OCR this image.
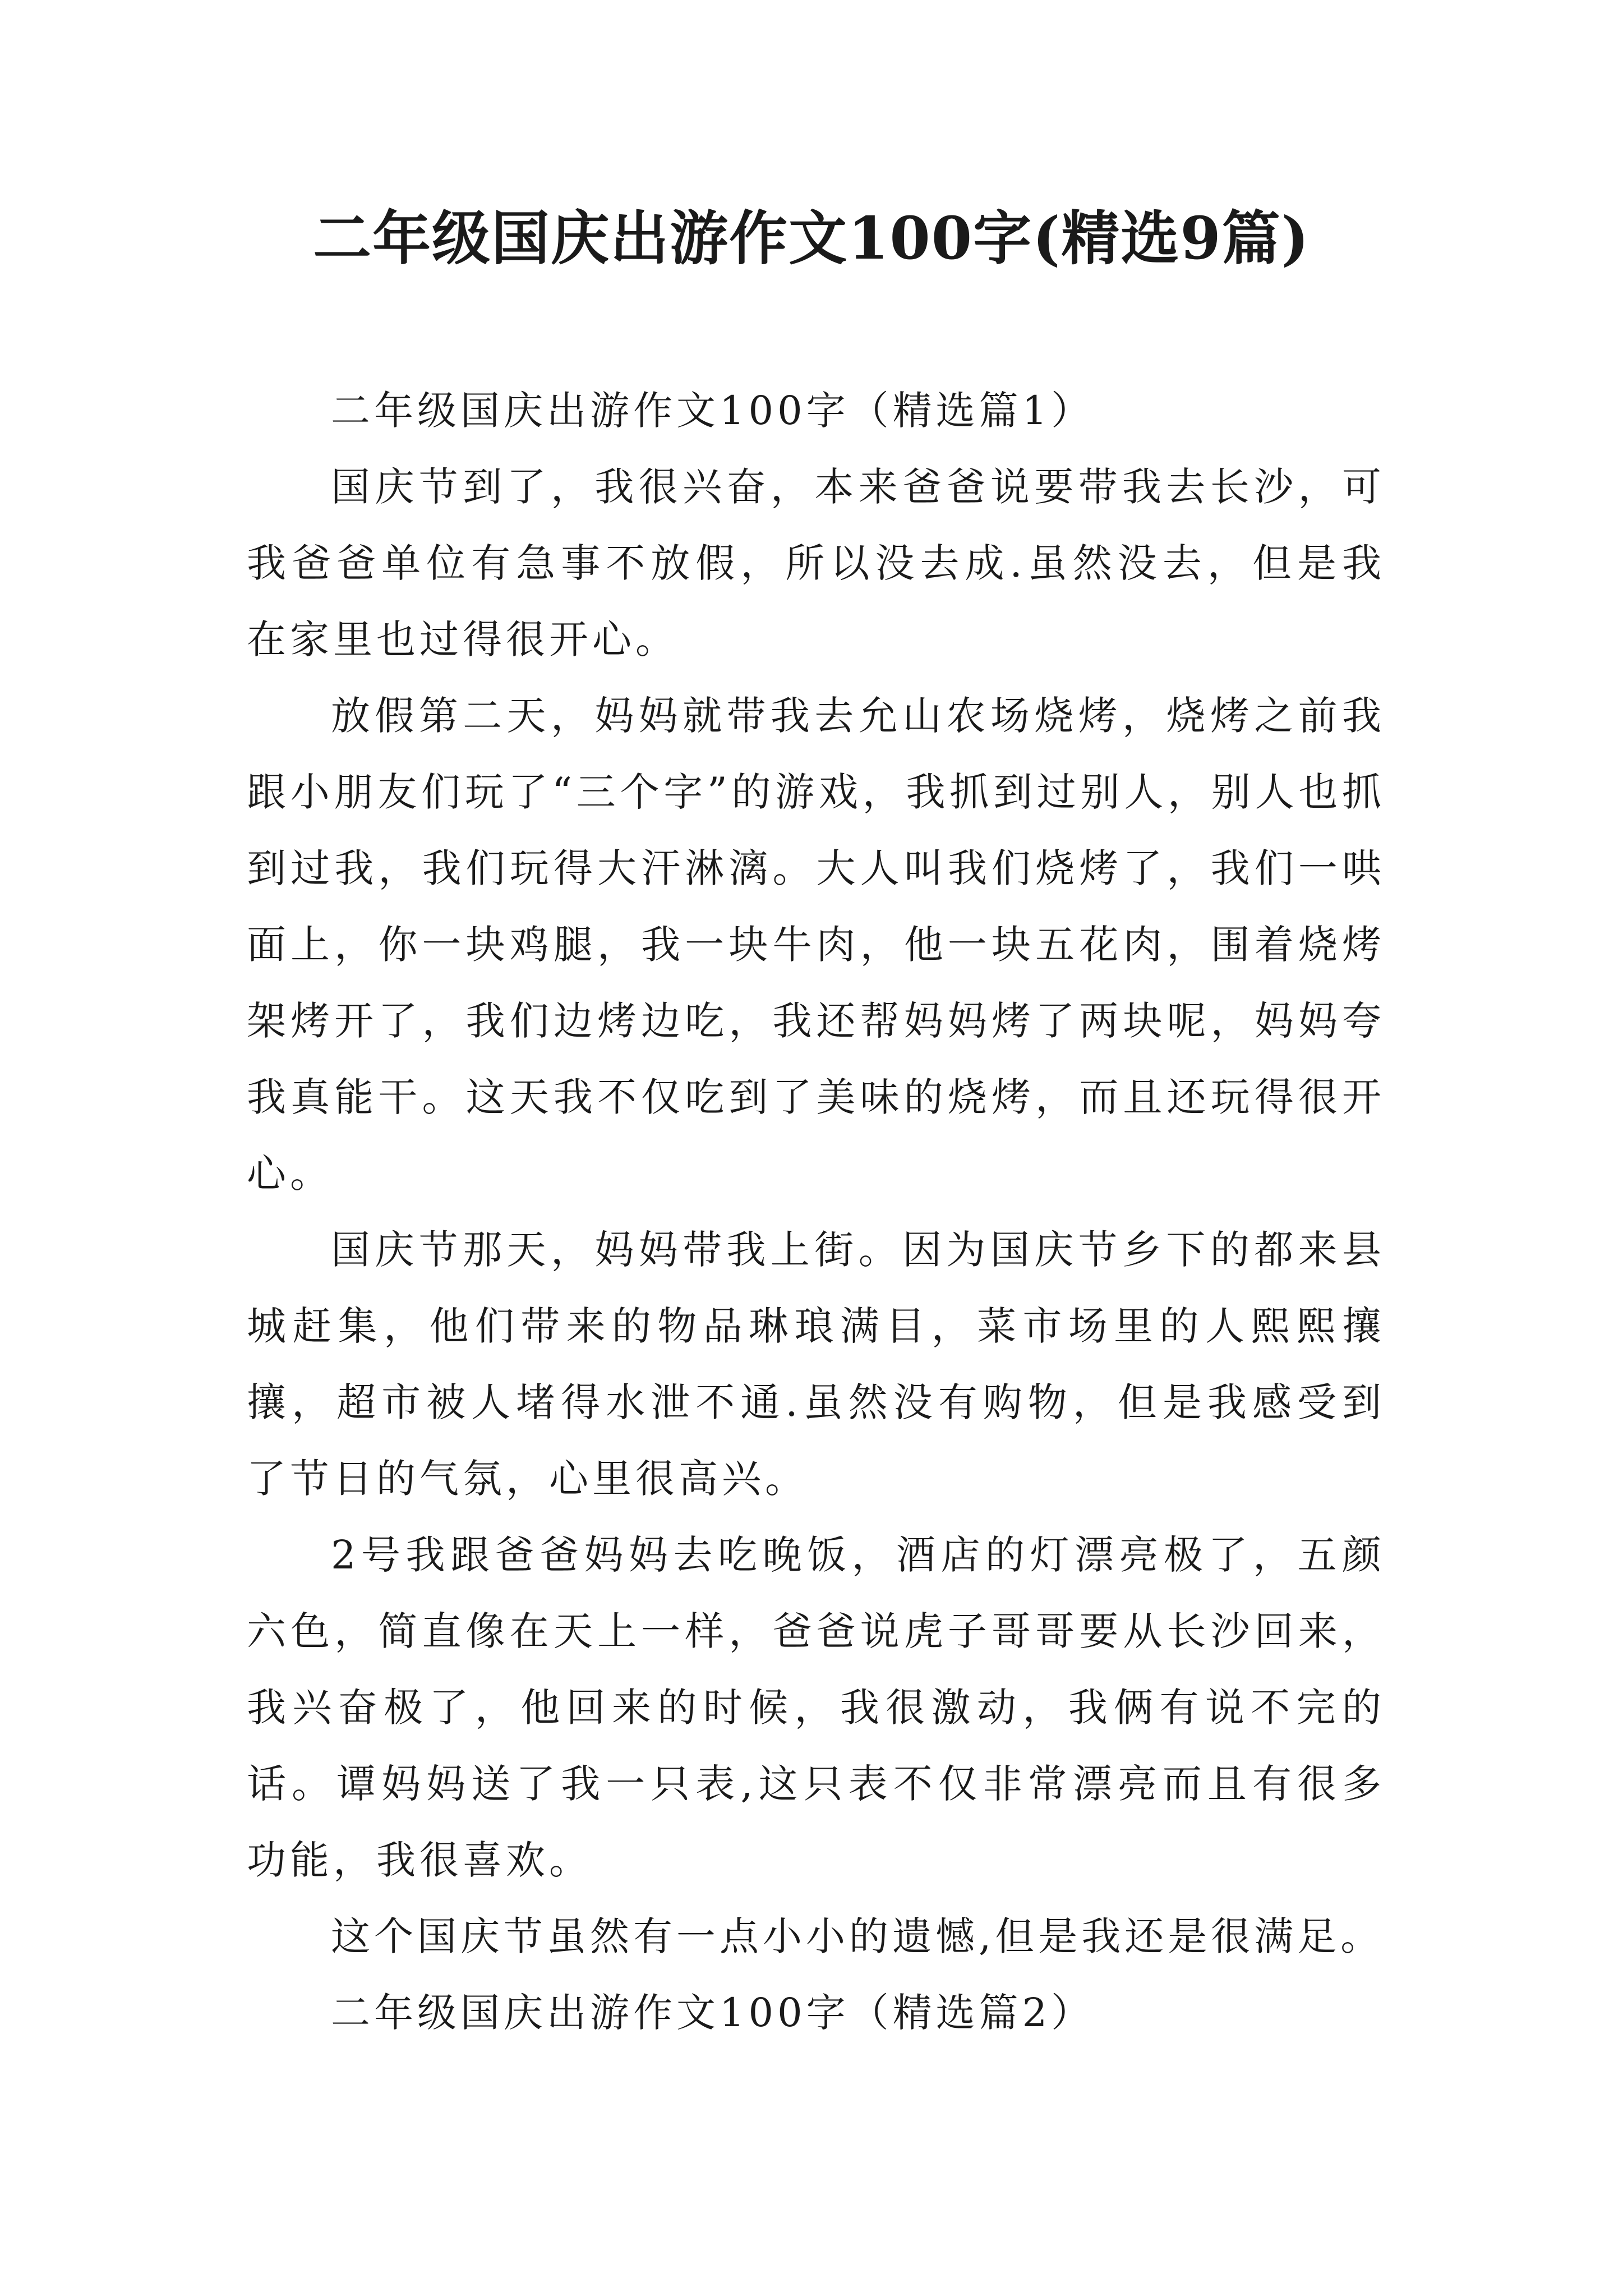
二年级国庆出游作文100字(精选9篇)

二年级国庆出游作文100字（精选篇1）

国庆节到了，我很兴奋，本来爸爸说要带我去长沙，可我爸爸单位有急事不放假，所以没去成.虽然没去，但是我在家里也过得很开心。

放假第二天，妈妈就带我去允山农场烧烤，烧烤之前我跟小朋友们玩了“三个字”的游戏，我抓到过别人，别人也抓到过我，我们玩得大汗淋漓。大人叫我们烧烤了，我们一哄面上，你一块鸡腿，我一块牛肉，他一块五花肉，围着烧烤架烤开了，我们边烤边吃，我还帮妈妈烤了两块呢，妈妈夸我真能干。这天我不仅吃到了美味的烧烤，而且还玩得很开心。

国庆节那天，妈妈带我上街。因为国庆节乡下的都来县城赶集，他们带来的物品琳琅满目，菜市场里的人熙熙攘攘，超市被人堵得水泄不通.虽然没有购物，但是我感受到了节日的气氛，心里很高兴。

2号我跟爸爸妈妈去吃晚饭，酒店的灯漂亮极了，五颜六色，简直像在天上一样，爸爸说虎子哥哥要从长沙回来，我兴奋极了，他回来的时候，我很激动，我俩有说不完的话。谭妈妈送了我一只表,这只表不仅非常漂亮而且有很多功能，我很喜欢。

这个国庆节虽然有一点小小的遗憾,但是我还是很满足。

二年级国庆出游作文100字（精选篇2）
